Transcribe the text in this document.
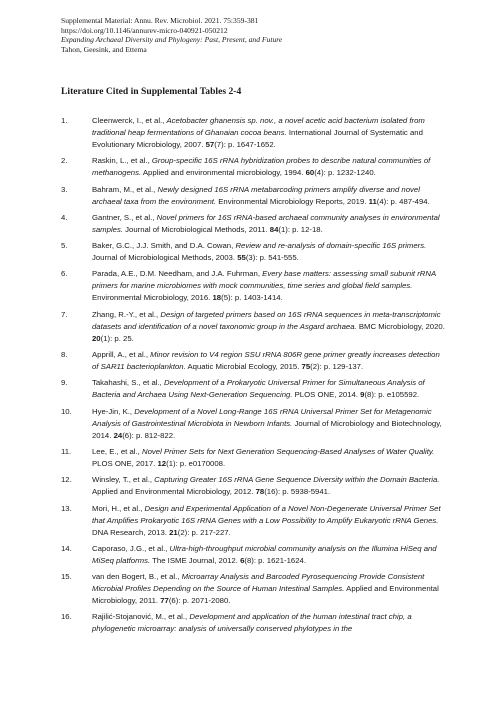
Supplemental Material: Annu. Rev. Microbiol. 2021. 75:359-381
https://doi.org/10.1146/annurev-micro-040921-050212
Expanding Archaeal Diversity and Phylogeny: Past, Present, and Future
Tahon, Geesink, and Ettema
Literature Cited in Supplemental Tables 2-4
1.	Cleenwerck, I., et al., Acetobacter ghanensis sp. nov., a novel acetic acid bacterium isolated from traditional heap fermentations of Ghanaian cocoa beans. International Journal of Systematic and Evolutionary Microbiology, 2007. 57(7): p. 1647-1652.
2.	Raskin, L., et al., Group-specific 16S rRNA hybridization probes to describe natural communities of methanogens. Applied and environmental microbiology, 1994. 60(4): p. 1232-1240.
3.	Bahram, M., et al., Newly designed 16S rRNA metabarcoding primers amplify diverse and novel archaeal taxa from the environment. Environmental Microbiology Reports, 2019. 11(4): p. 487-494.
4.	Gantner, S., et al., Novel primers for 16S rRNA-based archaeal community analyses in environmental samples. Journal of Microbiological Methods, 2011. 84(1): p. 12-18.
5.	Baker, G.C., J.J. Smith, and D.A. Cowan, Review and re-analysis of domain-specific 16S primers. Journal of Microbiological Methods, 2003. 55(3): p. 541-555.
6.	Parada, A.E., D.M. Needham, and J.A. Fuhrman, Every base matters: assessing small subunit rRNA primers for marine microbiomes with mock communities, time series and global field samples. Environmental Microbiology, 2016. 18(5): p. 1403-1414.
7.	Zhang, R.-Y., et al., Design of targeted primers based on 16S rRNA sequences in meta-transcriptomic datasets and identification of a novel taxonomic group in the Asgard archaea. BMC Microbiology, 2020. 20(1): p. 25.
8.	Apprill, A., et al., Minor revision to V4 region SSU rRNA 806R gene primer greatly increases detection of SAR11 bacterioplankton. Aquatic Microbial Ecology, 2015. 75(2): p. 129-137.
9.	Takahashi, S., et al., Development of a Prokaryotic Universal Primer for Simultaneous Analysis of Bacteria and Archaea Using Next-Generation Sequencing. PLOS ONE, 2014. 9(8): p. e105592.
10.	Hye-Jin, K., Development of a Novel Long-Range 16S rRNA Universal Primer Set for Metagenomic Analysis of Gastrointestinal Microbiota in Newborn Infants. Journal of Microbiology and Biotechnology, 2014. 24(6): p. 812-822.
11.	Lee, E., et al., Novel Primer Sets for Next Generation Sequencing-Based Analyses of Water Quality. PLOS ONE, 2017. 12(1): p. e0170008.
12.	Winsley, T., et al., Capturing Greater 16S rRNA Gene Sequence Diversity within the Domain Bacteria. Applied and Environmental Microbiology, 2012. 78(16): p. 5938-5941.
13.	Mori, H., et al., Design and Experimental Application of a Novel Non-Degenerate Universal Primer Set that Amplifies Prokaryotic 16S rRNA Genes with a Low Possibility to Amplify Eukaryotic rRNA Genes. DNA Research, 2013. 21(2): p. 217-227.
14.	Caporaso, J.G., et al., Ultra-high-throughput microbial community analysis on the Illumina HiSeq and MiSeq platforms. The ISME Journal, 2012. 6(8): p. 1621-1624.
15.	van den Bogert, B., et al., Microarray Analysis and Barcoded Pyrosequencing Provide Consistent Microbial Profiles Depending on the Source of Human Intestinal Samples. Applied and Environmental Microbiology, 2011. 77(6): p. 2071-2080.
16.	Rajilić-Stojanović, M., et al., Development and application of the human intestinal tract chip, a phylogenetic microarray: analysis of universally conserved phylotypes in the
